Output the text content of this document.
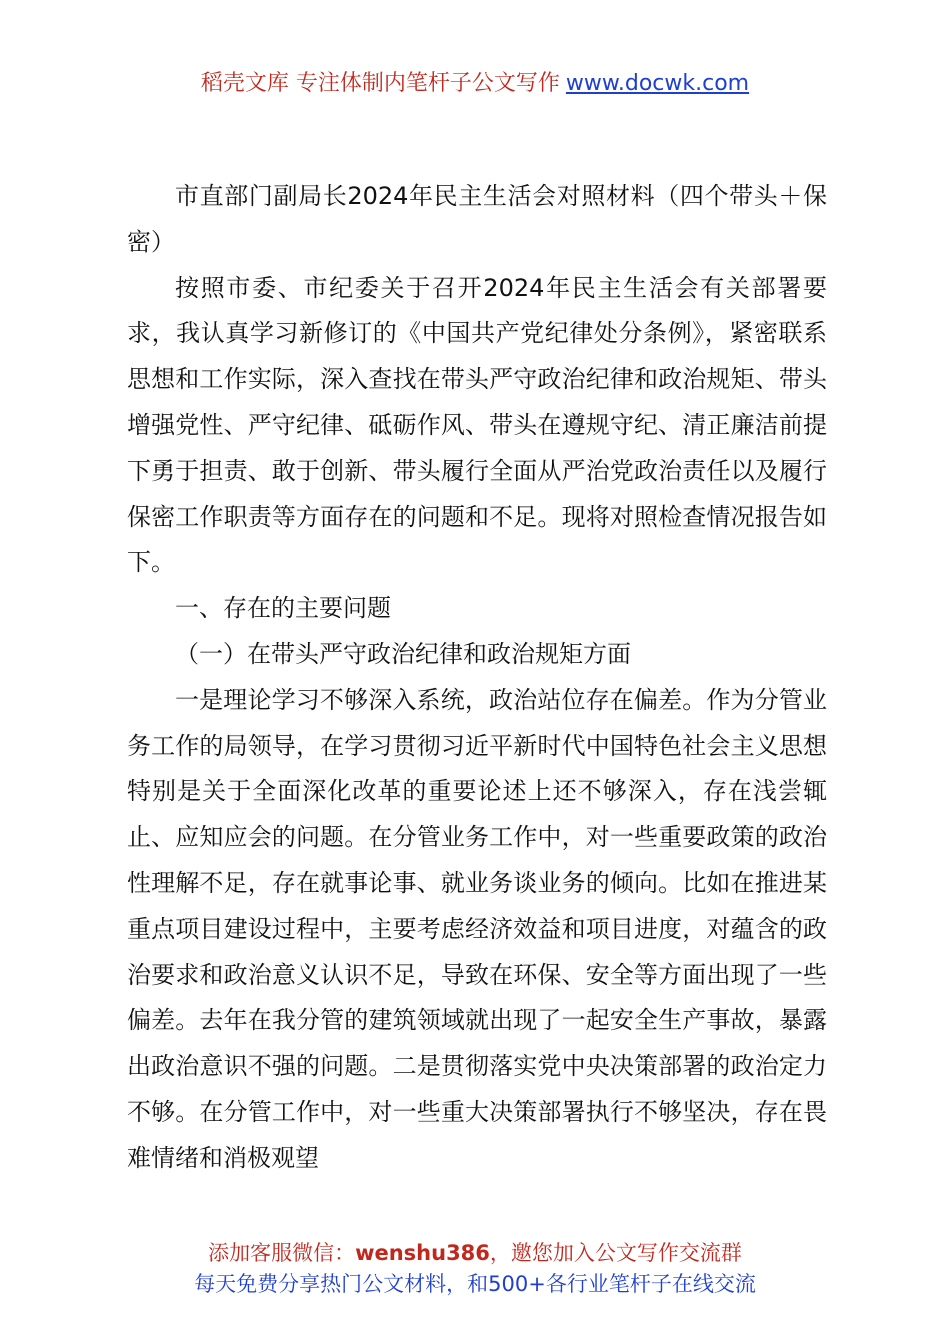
稻壳文库 专注体制内笔杆子公文写作 www.docwk.com

市直部门副局长2024年民主生活会对照材料（四个带头＋保密）

按照市委、市纪委关于召开2024年民主生活会有关部署要求，我认真学习新修订的《中国共产党纪律处分条例》，紧密联系思想和工作实际，深入查找在带头严守政治纪律和政治规矩、带头增强党性、严守纪律、砥砺作风、带头在遵规守纪、清正廉洁前提下勇于担责、敢于创新、带头履行全面从严治党政治责任以及履行保密工作职责等方面存在的问题和不足。现将对照检查情况报告如下。

一、存在的主要问题

（一）在带头严守政治纪律和政治规矩方面

一是理论学习不够深入系统，政治站位存在偏差。作为分管业务工作的局领导，在学习贯彻习近平新时代中国特色社会主义思想特别是关于全面深化改革的重要论述上还不够深入，存在浅尝辄止、应知应会的问题。在分管业务工作中，对一些重要政策的政治性理解不足，存在就事论事、就业务谈业务的倾向。比如在推进某重点项目建设过程中，主要考虑经济效益和项目进度，对蕴含的政治要求和政治意义认识不足，导致在环保、安全等方面出现了一些偏差。去年在我分管的建筑领域就出现了一起安全生产事故，暴露出政治意识不强的问题。二是贯彻落实党中央决策部署的政治定力不够。在分管工作中，对一些重大决策部署执行不够坚决，存在畏难情绪和消极观望

添加客服微信：wenshu386，邀您加入公文写作交流群
每天免费分享热门公文材料，和500+各行业笔杆子在线交流
